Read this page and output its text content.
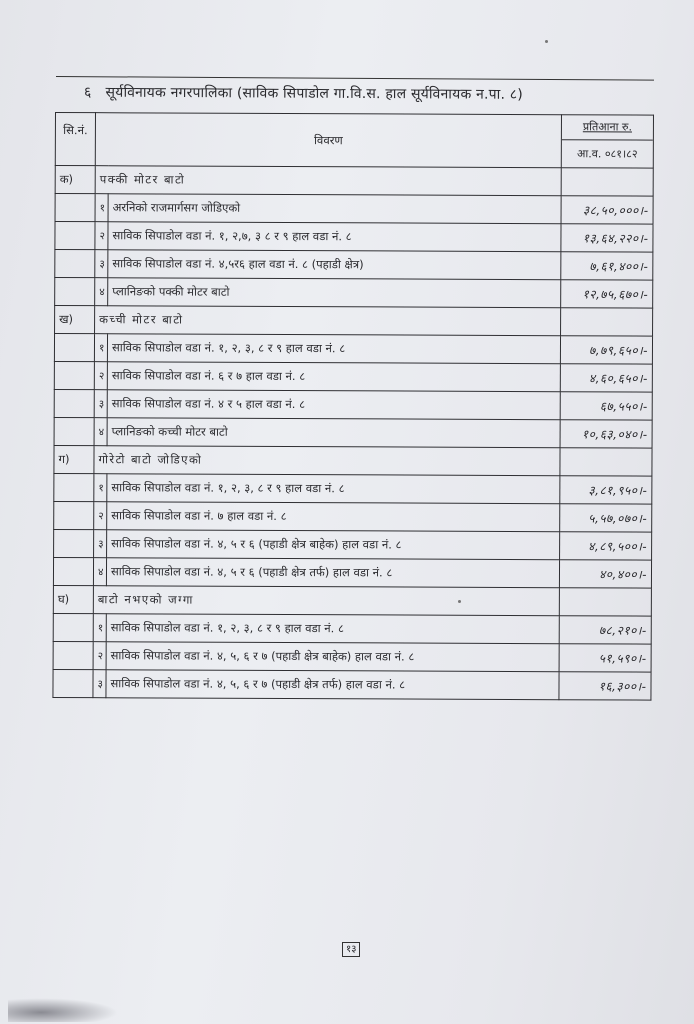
६ सूर्यविनायक नगरपालिका (साविक सिपाडोल गा.वि.स. हाल सूर्यविनायक न.पा. ८)
सि.नं.	विवरण		प्रतिआना रु.
आ.व. ०८१।८२

क)	पक्की मोटर बाटो		
	१	अरनिको राजमार्गसग जोडिएको	३८,५०,०००।-
	२	साविक सिपाडोल वडा नं. १, २,७, ३ ८ र ९ हाल वडा नं. ८	१३,६४,२२०।-
	३	साविक सिपाडोल वडा नं. ४,५र६ हाल वडा नं. ८ (पहाडी क्षेत्र)	७,६१,४००।-
	४	प्लानिङको पक्की मोटर बाटो	१२,७५,६७०।-
ख)	कच्ची मोटर बाटो		
	१	साविक सिपाडोल वडा नं. १, २, ३, ८ र ९ हाल वडा नं. ८	७,७९,६५०।-
	२	साविक सिपाडोल वडा नं. ६ र ७ हाल वडा नं. ८	४,६०,६५०।-
	३	साविक सिपाडोल वडा नं. ४ र ५ हाल वडा नं. ८	६७,५५०।-
	४	प्लानिङको कच्ची मोटर बाटो	१०,६३,०४०।-
ग)	गोरेटो बाटो जोडिएको		
	१	साविक सिपाडोल वडा नं. १, २, ३, ८ र ९ हाल वडा नं. ८	३,८१,९५०।-
	२	साविक सिपाडोल वडा नं. ७ हाल वडा नं. ८	५,५७,०७०।-
	३	साविक सिपाडोल वडा नं. ४, ५ र ६ (पहाडी क्षेत्र बाहेक) हाल वडा नं. ८	४,८९,५००।-
	४	साविक सिपाडोल वडा नं. ४, ५ र ६ (पहाडी क्षेत्र तर्फ) हाल वडा नं. ८	४०,४००।-
घ)	बाटो नभएको जग्गा		
	१	साविक सिपाडोल वडा नं. १, २, ३, ८ र ९ हाल वडा नं. ८	७८,२१०।-
	२	साविक सिपाडोल वडा नं. ४, ५, ६ र ७ (पहाडी क्षेत्र बाहेक) हाल वडा नं. ८	५१,५९०।-
	३	साविक सिपाडोल वडा नं. ४, ५, ६ र ७ (पहाडी क्षेत्र तर्फ) हाल वडा नं. ८	१६,३००।-
१३
